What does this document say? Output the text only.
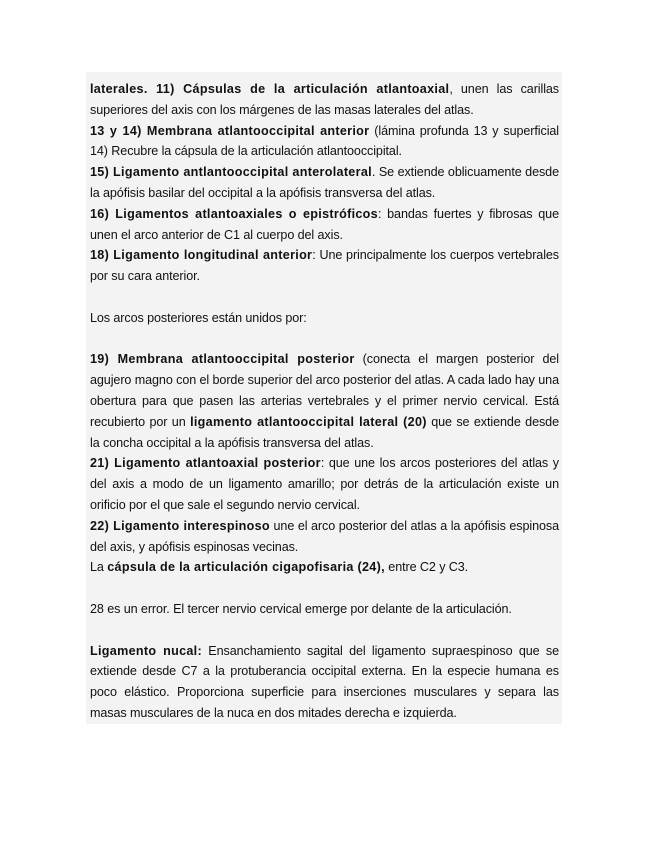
laterales. 11) Cápsulas de la articulación atlantoaxial, unen las carillas superiores del axis con los márgenes de las masas laterales del atlas.

13 y 14) Membrana atlantooccipital anterior (lámina profunda 13 y superficial 14) Recubre la cápsula de la articulación atlantooccipital.

15) Ligamento antlantooccipital anterolateral. Se extiende oblicuamente desde la apófisis basilar del occipital a la apófisis transversa del atlas.

16) Ligamentos atlantoaxiales o epistróficos: bandas fuertes y fibrosas que unen el arco anterior de C1 al cuerpo del axis.

18) Ligamento longitudinal anterior: Une principalmente los cuerpos vertebrales por su cara anterior.

Los arcos posteriores están unidos por:

19) Membrana atlantooccipital posterior (conecta el margen posterior del agujero magno con el borde superior del arco posterior del atlas. A cada lado hay una obertura para que pasen las arterias vertebrales y el primer nervio cervical. Está recubierto por un ligamento atlantooccipital lateral (20) que se extiende desde la concha occipital a la apófisis transversa del atlas.

21) Ligamento atlantoaxial posterior: que une los arcos posteriores del atlas y del axis a modo de un ligamento amarillo; por detrás de la articulación existe un orificio por el que sale el segundo nervio cervical.

22) Ligamento interespinoso une el arco posterior del atlas a la apófisis espinosa del axis, y apófisis espinosas vecinas.

La cápsula de la articulación cigapofisaria (24), entre C2 y C3.

28 es un error. El tercer nervio cervical emerge por delante de la articulación.

Ligamento nucal: Ensanchamiento sagital del ligamento supraespinoso que se extiende desde C7 a la protuberancia occipital externa. En la especie humana es poco elástico. Proporciona superficie para inserciones musculares y separa las masas musculares de la nuca en dos mitades derecha e izquierda.
